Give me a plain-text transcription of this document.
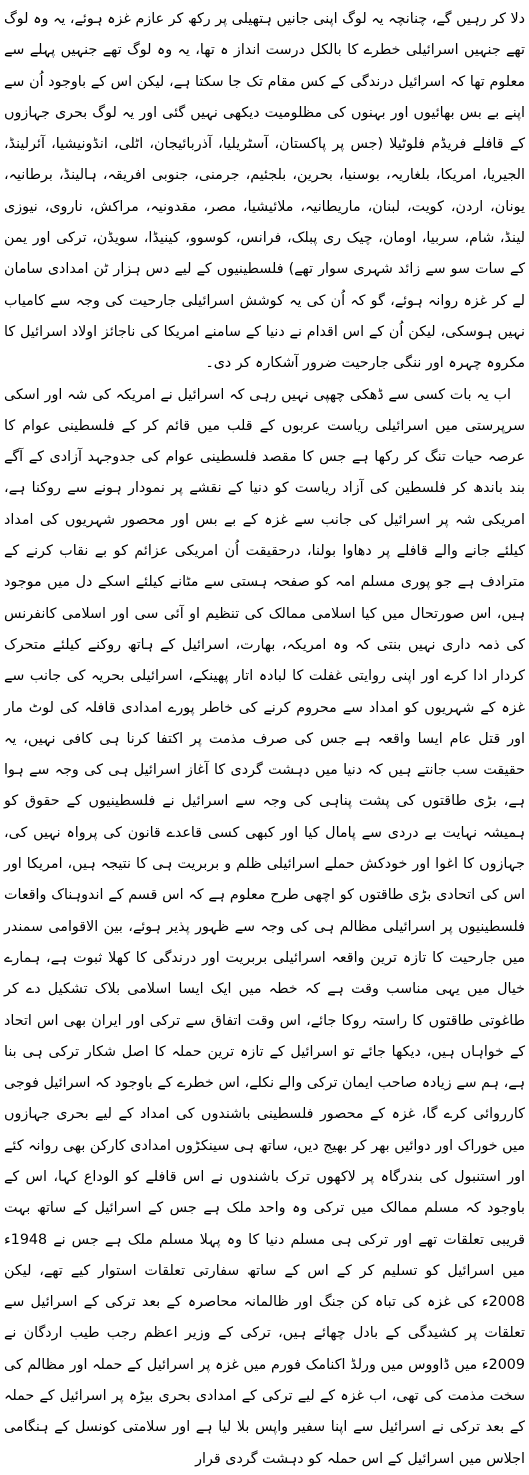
دلا کر رہیں گے، چنانچہ یہ لوگ اپنی جانیں ہتھیلی پر رکھ کر عازم غزہ ہوئے، یہ وہ لوگ تھے جنہیں اسرائیلی خطرے کا بالکل درست انداز ہ تھا، یہ وہ لوگ تھے جنہیں پہلے سے معلوم تھا کہ اسرائیل درندگی کے کس مقام تک جا سکتا ہے، لیکن اس کے باوجود اُن سے اپنے بے بس بھائیوں اور بہنوں کی مظلومیت دیکھی نہیں گئی اور یہ لوگ بحری جہازوں کے قافلے فریڈم فلوٹیلا (جس پر پاکستان، آسٹریلیا، آذربائیجان، اٹلی، انڈونیشیا، آئرلینڈ، الجیریا، امریکا، بلغاریہ، بوسنیا، بحرین، بلجئیم، جرمنی، جنوبی افریقہ، ہالینڈ، برطانیہ، یونان، اردن، کویت، لبنان، ماریطانیہ، ملائیشیا، مصر، مقدونیہ، مراکش، ناروی، نیوزی لینڈ، شام، سربیا، اومان، چیک ری پبلک، فرانس، کوسوو، کینیڈا، سویڈن، ترکی اور یمن کے سات سو سے زائد شہری سوار تھے) فلسطینیوں کے لیے دس ہزار ٹن امدادی سامان لے کر غزہ روانہ ہوئے، گو کہ اُن کی یہ کوشش اسرائیلی جارحیت کی وجہ سے کامیاب نہیں ہوسکی، لیکن اُن کے اس اقدام نے دنیا کے سامنے امریکا کی ناجائز اولاد اسرائیل کا مکروہ چہرہ اور ننگی جارحیت ضرور آشکارہ کر دی۔

اب یہ بات کسی سے ڈھکی چھپی نہیں رہی کہ اسرائیل نے امریکہ کی شہ اور اسکی سرپرستی میں اسرائیلی ریاست عربوں کے قلب میں قائم کر کے فلسطینی عوام کا عرصہ حیات تنگ کر رکھا ہے جس کا مقصد فلسطینی عوام کی جدوجہد آزادی کے آگے بند باندھ کر فلسطین کی آزاد ریاست کو دنیا کے نقشے پر نمودار ہونے سے روکنا ہے، امریکی شہ پر اسرائیل کی جانب سے غزہ کے بے بس اور محصور شہریوں کی امداد کیلئے جانے والے قافلے پر دھاوا بولنا، درحقیقت اُن امریکی عزائم کو بے نقاب کرنے کے مترادف ہے جو پوری مسلم امہ کو صفحہ ہستی سے مٹانے کیلئے اسکے دل میں موجود ہیں، اس صورتحال میں کیا اسلامی ممالک کی تنظیم او آئی سی اور اسلامی کانفرنس کی ذمہ داری نہیں بنتی کہ وہ امریکہ، بھارت، اسرائیل کے ہاتھ روکنے کیلئے متحرک کردار ادا کرے اور اپنی روایتی غفلت کا لبادہ اتار پھینکے، اسرائیلی بحریہ کی جانب سے غزہ کے شہریوں کو امداد سے محروم کرنے کی خاطر پورے امدادی قافلہ کی لوٹ مار اور قتل عام ایسا واقعہ ہے جس کی صرف مذمت پر اکتفا کرنا ہی کافی نہیں، یہ حقیقت سب جانتے ہیں کہ دنیا میں دہشت گردی کا آغاز اسرائیل ہی کی وجہ سے ہوا ہے، بڑی طاقتوں کی پشت پناہی کی وجہ سے اسرائیل نے فلسطینیوں کے حقوق کو ہمیشہ نہایت بے دردی سے پامال کیا اور کبھی کسی قاعدے قانون کی پرواہ نہیں کی، جہازوں کا اغوا اور خودکش حملے اسرائیلی ظلم و بربریت ہی کا نتیجہ ہیں، امریکا اور اس کی اتحادی بڑی طاقتوں کو اچھی طرح معلوم ہے کہ اس قسم کے اندوہناک واقعات فلسطینیوں پر اسرائیلی مظالم ہی کی وجہ سے ظہور پذیر ہوئے، بین الاقوامی سمندر میں جارحیت کا تازہ ترین واقعہ اسرائیلی بربریت اور درندگی کا کھلا ثبوت ہے، ہمارے خیال میں یہی مناسب وقت ہے کہ خطہ میں ایک ایسا اسلامی بلاک تشکیل دے کر طاغوتی طاقتوں کا راستہ روکا جائے، اس وقت اتفاق سے ترکی اور ایران بھی اس اتحاد کے خواہاں ہیں، دیکھا جائے تو اسرائیل کے تازہ ترین حملہ کا اصل شکار ترکی ہی بنا ہے، ہم سے زیادہ صاحب ایمان ترکی والے نکلے، اس خطرے کے باوجود کہ اسرائیل فوجی کارروائی کرے گا، غزہ کے محصور فلسطینی باشندوں کی امداد کے لیے بحری جہازوں میں خوراک اور دوائیں بھر کر بھیج دیں، ساتھ ہی سینکڑوں امدادی کارکن بھی روانہ کئے اور استنبول کی بندرگاہ پر لاکھوں ترک باشندوں نے اس قافلے کو الوداع کہا، اس کے باوجود کہ مسلم ممالک میں ترکی وہ واحد ملک ہے جس کے اسرائیل کے ساتھ بہت قریبی تعلقات تھے اور ترکی ہی مسلم دنیا کا وہ پہلا مسلم ملک ہے جس نے 1948ء میں اسرائیل کو تسلیم کر کے اس کے ساتھ سفارتی تعلقات استوار کیے تھے، لیکن 2008ء کی غزہ کی تباہ کن جنگ اور ظالمانہ محاصرہ کے بعد ترکی کے اسرائیل سے تعلقات پر کشیدگی کے بادل چھائے ہیں، ترکی کے وزیر اعظم رجب طیب اردگان نے 2009ء میں ڈاووس میں ورلڈ اکنامک فورم میں غزہ پر اسرائیل کے حملہ اور مظالم کی سخت مذمت کی تھی، اب غزہ کے لیے ترکی کے امدادی بحری بیڑہ پر اسرائیل کے حملہ کے بعد ترکی نے اسرائیل سے اپنا سفیر واپس بلا لیا ہے اور سلامتی کونسل کے ہنگامی اجلاس میں اسرائیل کے اس حملہ کو دہشت گردی قرار
